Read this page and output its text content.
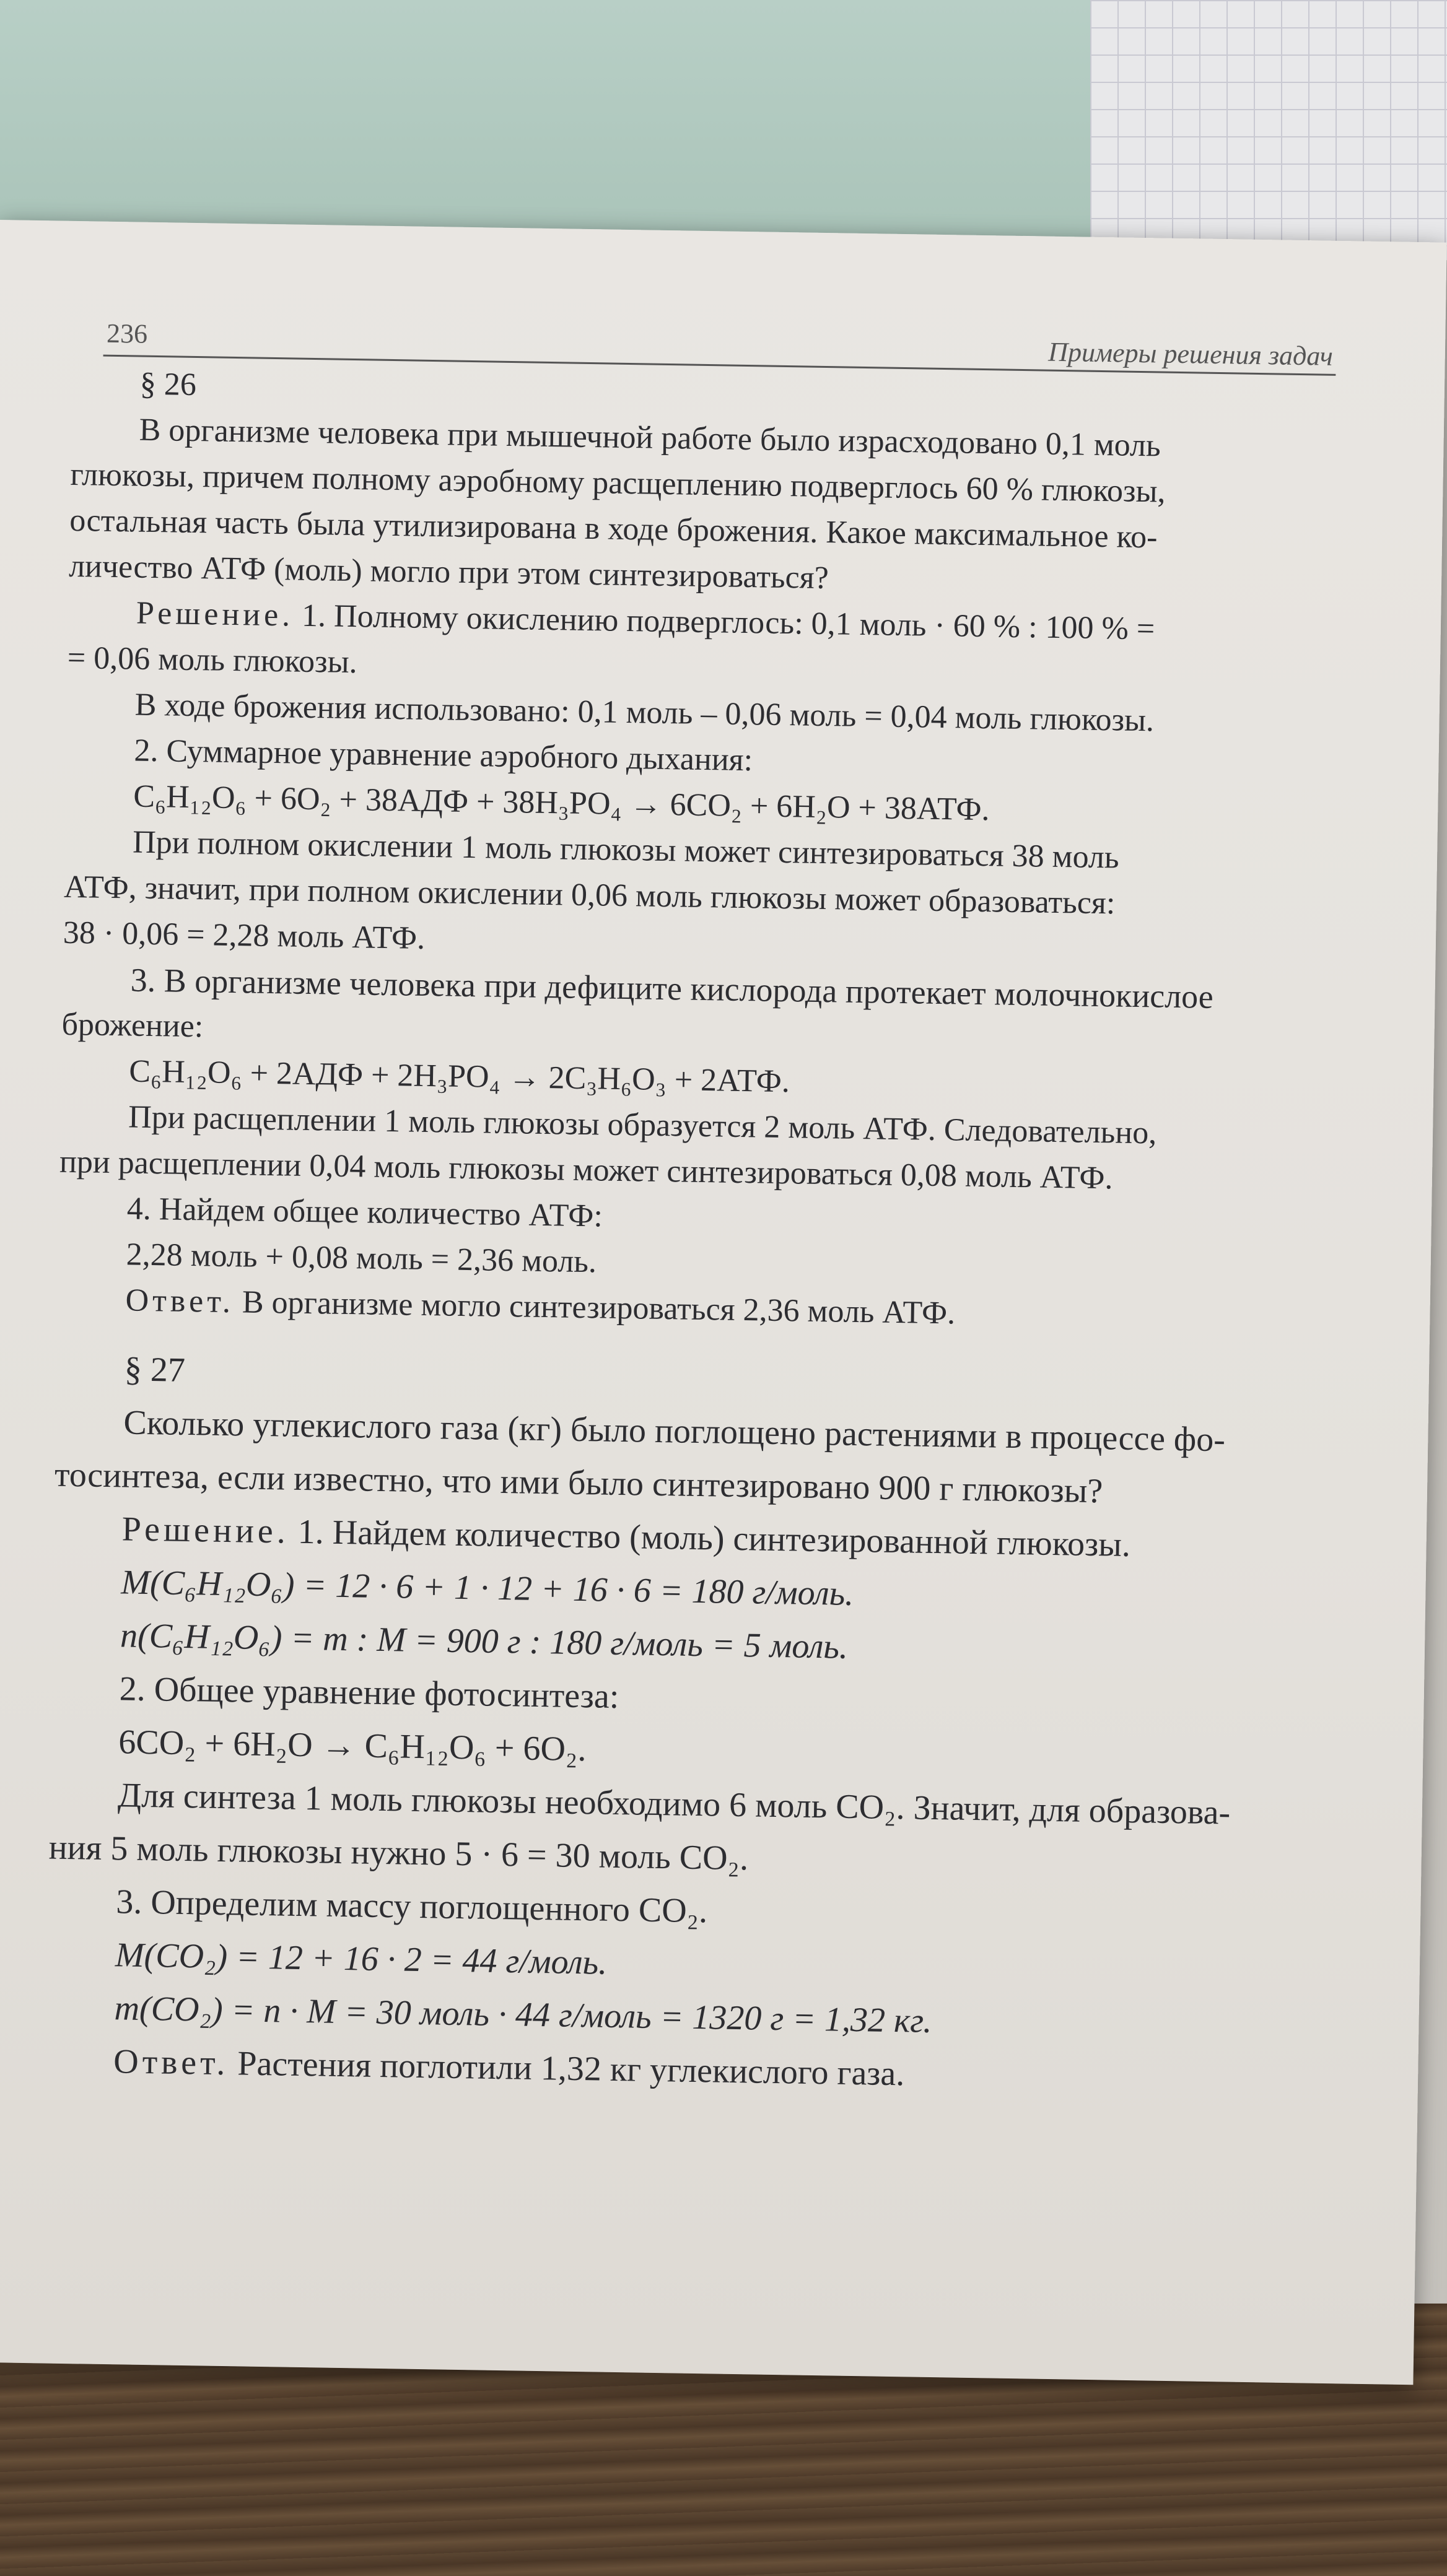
236
Примеры решения задач

§ 26

В организме человека при мышечной работе было израсходовано 0,1 моль

глюкозы, причем полному аэробному расщеплению подверглось 60 % глюкозы,

остальная часть была утилизирована в ходе брожения. Какое максимальное ко-

личество АТФ (моль) могло при этом синтезироваться?

Решение. 1. Полному окислению подверглось: 0,1 моль · 60 % : 100 % =

= 0,06 моль глюкозы.

В ходе брожения использовано: 0,1 моль – 0,06 моль = 0,04 моль глюкозы.

2. Суммарное уравнение аэробного дыхания:

C₆H₁₂O₆ + 6O₂ + 38АДФ + 38H₃PO₄ → 6CO₂ + 6H₂O + 38АТФ.

При полном окислении 1 моль глюкозы может синтезироваться 38 моль

АТФ, значит, при полном окислении 0,06 моль глюкозы может образоваться:

38 · 0,06 = 2,28 моль АТФ.

3. В организме человека при дефиците кислорода протекает молочнокислое

брожение:

C₆H₁₂O₆ + 2АДФ + 2H₃PO₄ → 2C₃H₆O₃ + 2АТФ.

При расщеплении 1 моль глюкозы образуется 2 моль АТФ. Следовательно,

при расщеплении 0,04 моль глюкозы может синтезироваться 0,08 моль АТФ.

4. Найдем общее количество АТФ:

2,28 моль + 0,08 моль = 2,36 моль.

Ответ. В организме могло синтезироваться 2,36 моль АТФ.

§ 27

Сколько углекислого газа (кг) было поглощено растениями в процессе фо-

тосинтеза, если известно, что ими было синтезировано 900 г глюкозы?

Решение. 1. Найдем количество (моль) синтезированной глюкозы.

M(C₆H₁₂O₆) = 12 · 6 + 1 · 12 + 16 · 6 = 180 г/моль.

n(C₆H₁₂O₆) = m : M = 900 г : 180 г/моль = 5 моль.

2. Общее уравнение фотосинтеза:

6CO₂ + 6H₂O → C₆H₁₂O₆ + 6O₂.

Для синтеза 1 моль глюкозы необходимо 6 моль CO₂. Значит, для образова-

ния 5 моль глюкозы нужно 5 · 6 = 30 моль CO₂.

3. Определим массу поглощенного CO₂.

M(CO₂) = 12 + 16 · 2 = 44 г/моль.

m(CO₂) = n · M = 30 моль · 44 г/моль = 1320 г = 1,32 кг.

Ответ. Растения поглотили 1,32 кг углекислого газа.
